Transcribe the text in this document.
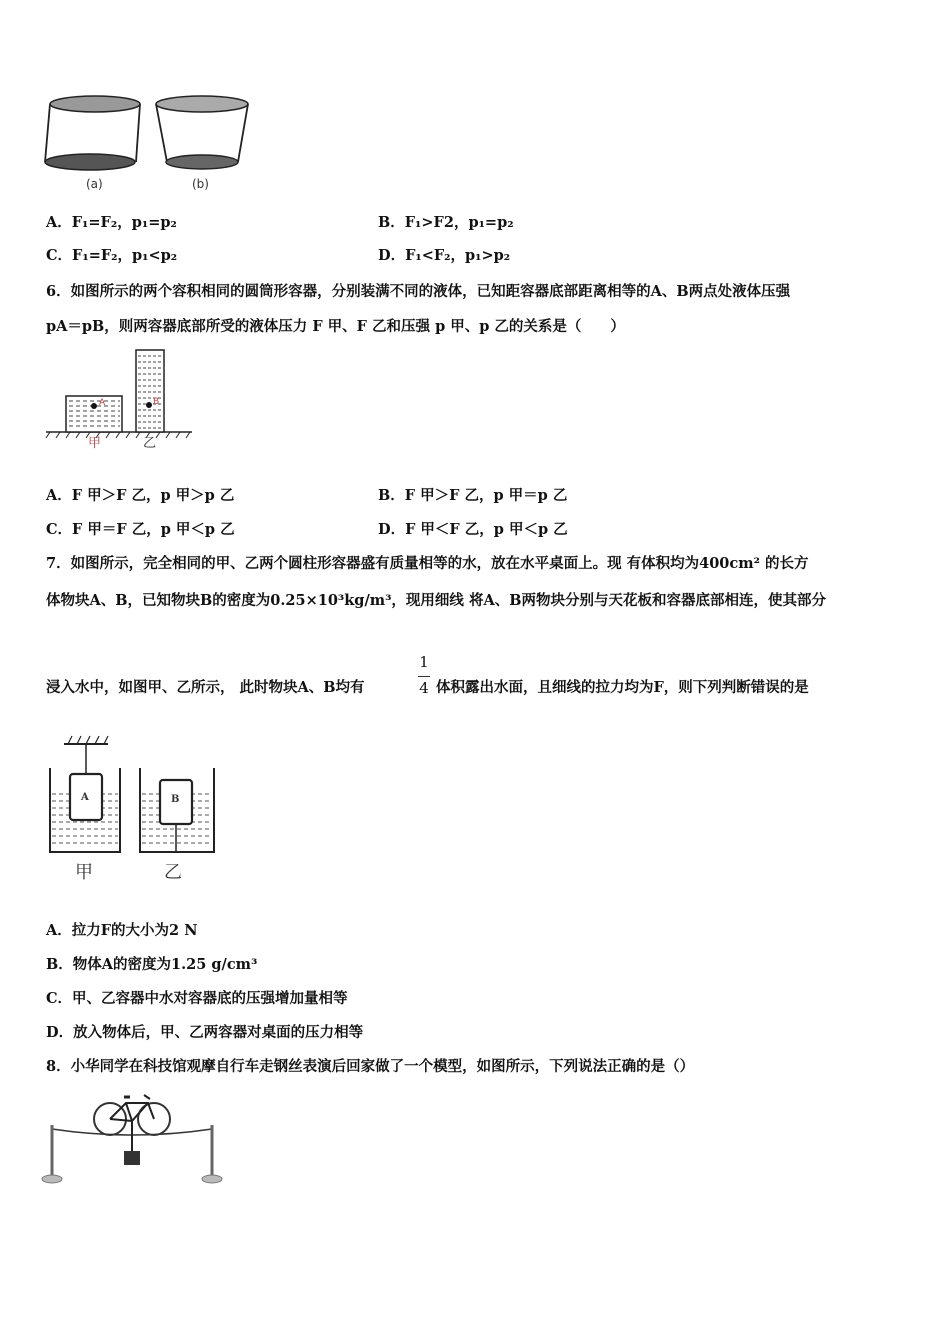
(a)	(b)
A．F₁=F₂，p₁=p₂	B．F₁>F2，p₁=p₂
C．F₁=F₂，p₁<p₂	D．F₁<F₂，p₁>p₂
6．如图所示的两个容积相同的圆筒形容器，分别装满不同的液体，已知距容器底部距离相等的A、B两点处液体压强
pA＝pB，则两容器底部所受的液体压力 F 甲、F 乙和压强 p 甲、p 乙的关系是（　　）
A	B
甲	乙
A．F 甲＞F 乙，p 甲＞p 乙	B．F 甲＞F 乙，p 甲＝p 乙
C．F 甲＝F 乙，p 甲＜p 乙	D．F 甲＜F 乙，p 甲＜p 乙
7．如图所示，完全相同的甲、乙两个圆柱形容器盛有质量相等的水，放在水平桌面上。现 有体积均为400cm² 的长方
体物块A、B，已知物块B的密度为0.25×10³kg/m³，现用细线 将A、B两物块分别与天花板和容器底部相连，使其部分
浸入水中，如图甲、乙所示， 此时物块A、B均有
1
4 体积露出水面，且细线的拉力均为F，则下列判断错误的是
A	B
甲	乙
A．拉力F的大小为2 N
B．物体A的密度为1.25 g/cm³
C．甲、乙容器中水对容器底的压强增加量相等
D．放入物体后，甲、乙两容器对桌面的压力相等
8．小华同学在科技馆观摩自行车走钢丝表演后回家做了一个模型，如图所示，下列说法正确的是（）
